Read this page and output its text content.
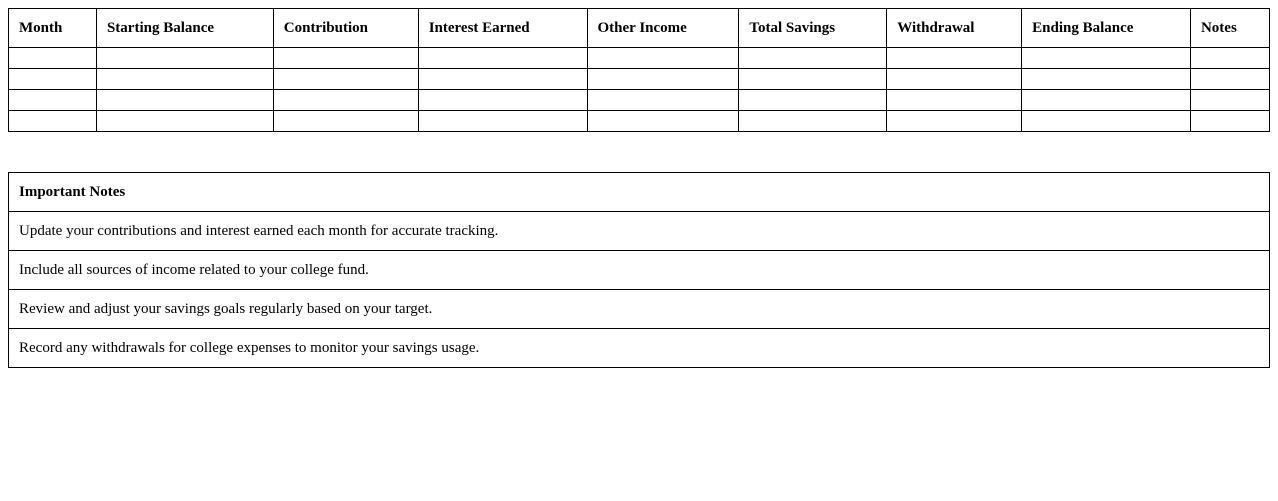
Month	Starting Balance	Contribution	Interest Earned	Other Income	Total Savings	Withdrawal	Ending Balance	Notes

Important Notes
Update your contributions and interest earned each month for accurate tracking.
Include all sources of income related to your college fund.
Review and adjust your savings goals regularly based on your target.
Record any withdrawals for college expenses to monitor your savings usage.
